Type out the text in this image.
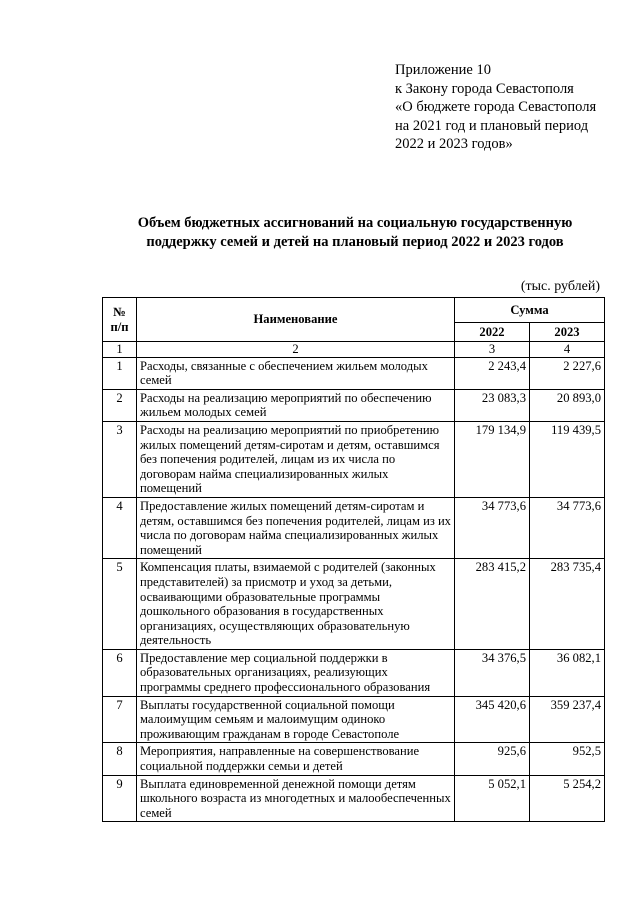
Приложение 10
к Закону города Севастополя
«О бюджете города Севастополя
на 2021 год и плановый период
2022 и 2023 годов»
Объем бюджетных ассигнований на социальную государственную
поддержку семей и детей на плановый период 2022 и 2023 годов
(тыс. рублей)
№
п/п	Наименование	Сумма	
		2022	2023
1	2	3	4
1	Расходы, связанные с обеспечением жильем молодых семей	2 243,4	2 227,6
2	Расходы на реализацию мероприятий по обеспечению жильем молодых семей	23 083,3	20 893,0
3	Расходы на реализацию мероприятий по приобретению жилых помещений детям-сиротам и детям, оставшимся без попечения родителей, лицам из их числа по договорам найма специализированных жилых помещений	179 134,9	119 439,5
4	Предоставление жилых помещений детям-сиротам и детям, оставшимся без попечения родителей, лицам из их числа по договорам найма специализированных жилых помещений	34 773,6	34 773,6
5	Компенсация платы, взимаемой с родителей (законных представителей) за присмотр и уход за детьми, осваивающими образовательные программы дошкольного образования в государственных организациях, осуществляющих образовательную деятельность	283 415,2	283 735,4
6	Предоставление мер социальной поддержки в образовательных организациях, реализующих программы среднего профессионального образования	34 376,5	36 082,1
7	Выплаты государственной социальной помощи малоимущим семьям и малоимущим одиноко проживающим гражданам в городе Севастополе	345 420,6	359 237,4
8	Мероприятия, направленные на совершенствование социальной поддержки семьи и детей	925,6	952,5
9	Выплата единовременной денежной помощи детям школьного возраста из многодетных и малообеспеченных семей	5 052,1	5 254,2
